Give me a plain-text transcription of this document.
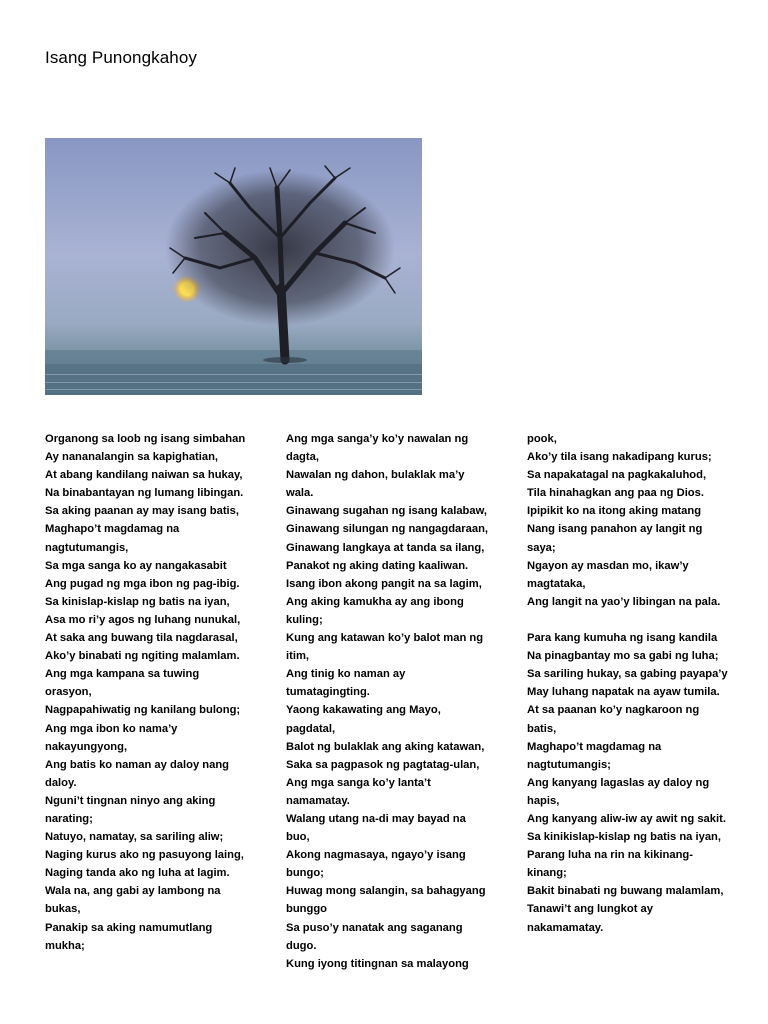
Isang Punongkahoy
Organong sa loob ng isang simbahan
Ay nananalangin sa kapighatian,
At abang kandilang naiwan sa hukay,
Na binabantayan ng lumang libingan.
Sa aking paanan ay may isang batis,
Maghapo’t magdamag na
nagtutumangis,
Sa mga sanga ko ay nangakasabit
Ang pugad ng mga ibon ng pag-ibig.
Sa kinislap-kislap ng batis na iyan,
Asa mo ri’y agos ng luhang nunukal,
At saka ang buwang tila nagdarasal,
Ako’y binabati ng ngiting malamlam.
Ang mga kampana sa tuwing
orasyon,
Nagpapahiwatig ng kanilang bulong;
Ang mga ibon ko nama’y
nakayungyong,
Ang batis ko naman ay daloy nang
daloy.
Nguni’t tingnan ninyo ang aking
narating;
Natuyo, namatay, sa sariling aliw;
Naging kurus ako ng pasuyong laing,
Naging tanda ako ng luha at lagim.
Wala na, ang gabi ay lambong na
bukas,
Panakip sa aking namumutlang
mukha;
Ang mga sanga’y ko’y nawalan ng
dagta,
Nawalan ng dahon, bulaklak ma’y
wala.
Ginawang sugahan ng isang kalabaw,
Ginawang silungan ng nangagdaraan,
Ginawang langkaya at tanda sa ilang,
Panakot ng aking dating kaaliwan.
Isang ibon akong pangit na sa lagim,
Ang aking kamukha ay ang ibong
kuling;
Kung ang katawan ko’y balot man ng
itim,
Ang tinig ko naman ay
tumatagingting.
Yaong kakawating ang Mayo,
pagdatal,
Balot ng bulaklak ang aking katawan,
Saka sa pagpasok ng pagtatag-ulan,
Ang mga sanga ko’y lanta’t
namamatay.
Walang utang na-di may bayad na
buo,
Akong nagmasaya, ngayo’y isang
bungo;
Huwag mong salangin, sa bahagyang
bunggo
Sa puso’y nanatak ang saganang
dugo.
Kung iyong titingnan sa malayong
pook,
Ako’y tila isang nakadipang kurus;
Sa napakatagal na pagkakaluhod,
Tila hinahagkan ang paa ng Dios.
Ipipikit ko na itong aking matang
Nang isang panahon ay langit ng
saya;
Ngayon ay masdan mo, ikaw’y
magtataka,
Ang langit na yao’y libingan na pala.
Para kang kumuha ng isang kandila
Na pinagbantay mo sa gabi ng luha;
Sa sariling hukay, sa gabing payapa’y
May luhang napatak na ayaw tumila.
At sa paanan ko’y nagkaroon ng
batis,
Maghapo’t magdamag na
nagtutumangis;
Ang kanyang lagaslas ay daloy ng
hapis,
Ang kanyang aliw-iw ay awit ng sakit.
Sa kinikislap-kislap ng batis na iyan,
Parang luha na rin na kikinang-
kinang;
Bakit binabati ng buwang malamlam,
Tanawi’t ang lungkot ay
nakamamatay.
